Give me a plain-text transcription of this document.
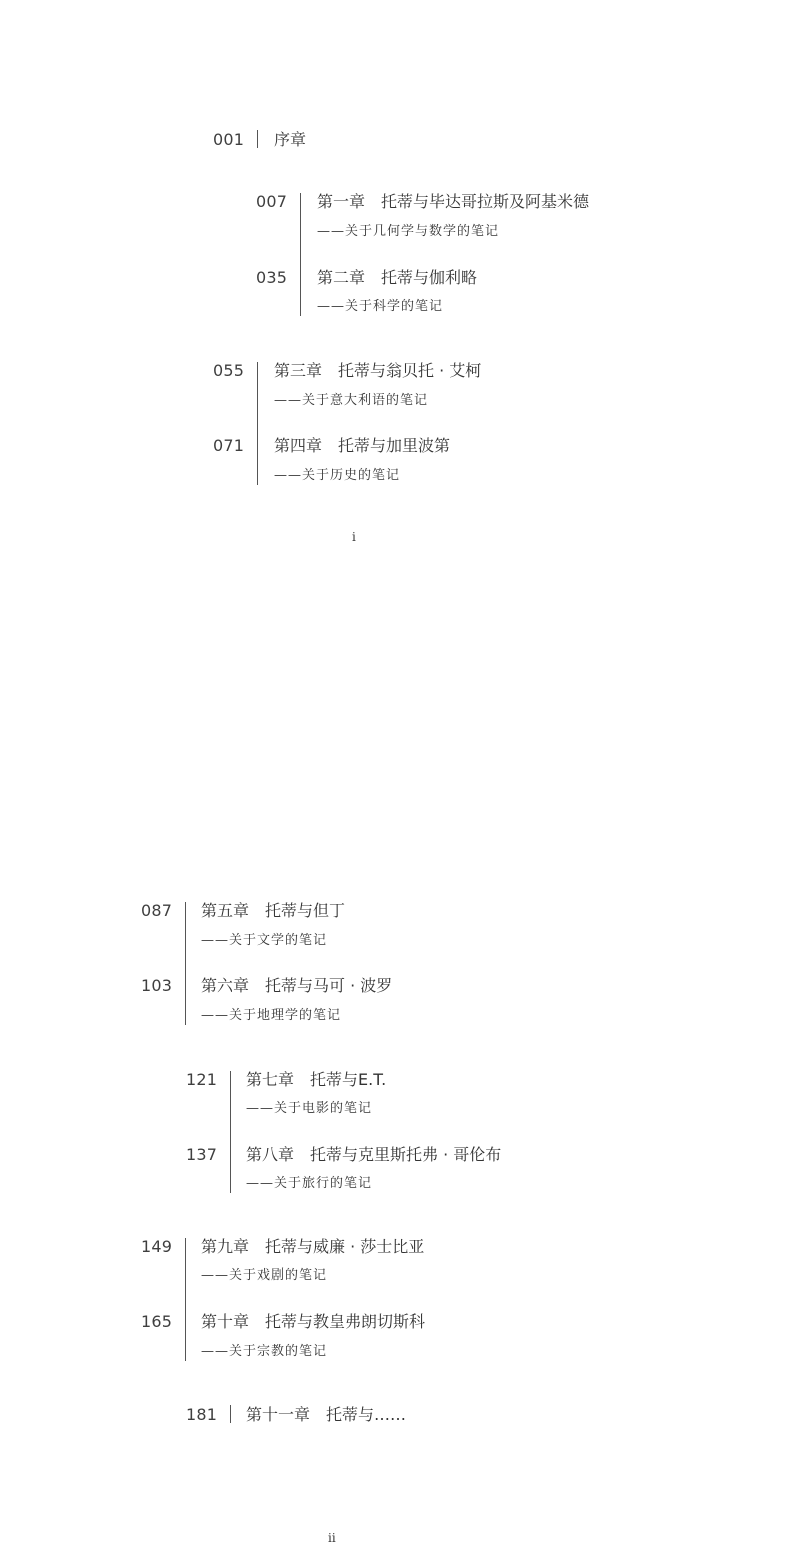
001 序章
007 第一章　托蒂与毕达哥拉斯及阿基米德
——关于几何学与数学的笔记
035 第二章　托蒂与伽利略
——关于科学的笔记
055 第三章　托蒂与翁贝托 · 艾柯
——关于意大利语的笔记
071 第四章　托蒂与加里波第
——关于历史的笔记
i
087 第五章　托蒂与但丁
——关于文学的笔记
103 第六章　托蒂与马可 · 波罗
——关于地理学的笔记
121 第七章　托蒂与E.T.
——关于电影的笔记
137 第八章　托蒂与克里斯托弗 · 哥伦布
——关于旅行的笔记
149 第九章　托蒂与威廉 · 莎士比亚
——关于戏剧的笔记
165 第十章　托蒂与教皇弗朗切斯科
——关于宗教的笔记
181 第十一章　托蒂与……
ii
